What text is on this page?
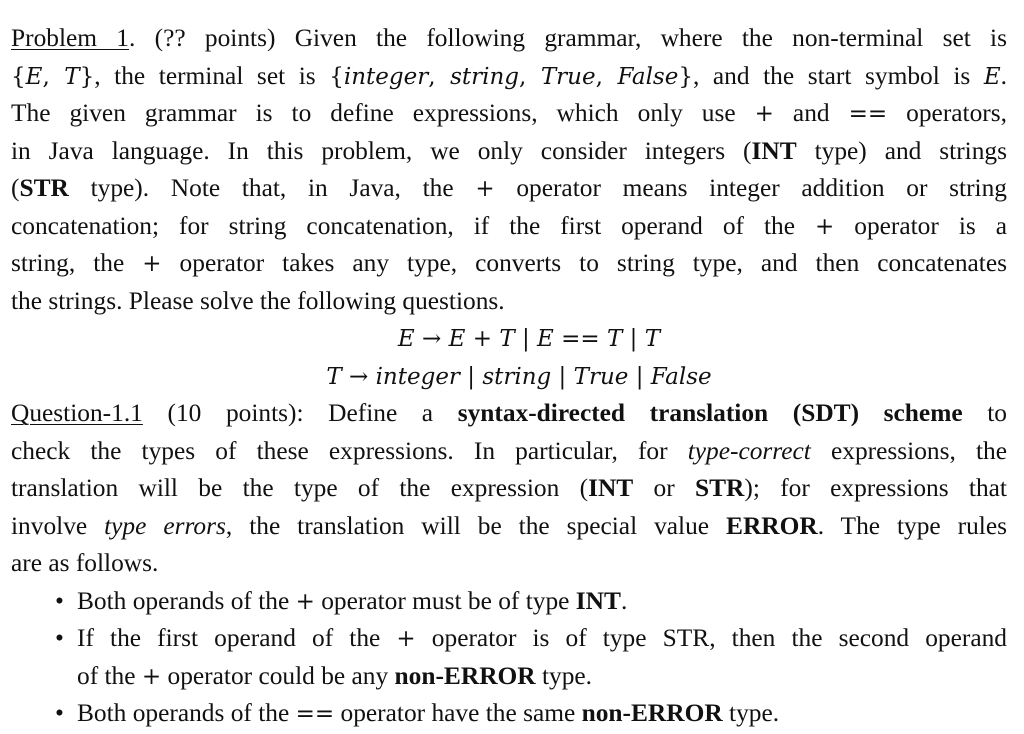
Problem 1. (?? points) Given the following grammar, where the non-terminal set is
{E, T}, the terminal set is {integer, string, True, False}, and the start symbol is E.
The given grammar is to define expressions, which only use + and == operators,
in Java language. In this problem, we only consider integers (INT type) and strings
(STR type). Note that, in Java, the + operator means integer addition or string
concatenation; for string concatenation, if the first operand of the + operator is a
string, the + operator takes any type, converts to string type, and then concatenates
the strings. Please solve the following questions.
E → E + T | E == T | T
T → integer | string | True | False
Question-1.1 (10 points): Define a syntax-directed translation (SDT) scheme to
check the types of these expressions. In particular, for type-correct expressions, the
translation will be the type of the expression (INT or STR); for expressions that
involve type errors, the translation will be the special value ERROR. The type rules
are as follows.
• Both operands of the + operator must be of type INT.
• If the first operand of the + operator is of type STR, then the second operand
of the + operator could be any non-ERROR type.
• Both operands of the == operator have the same non-ERROR type.
